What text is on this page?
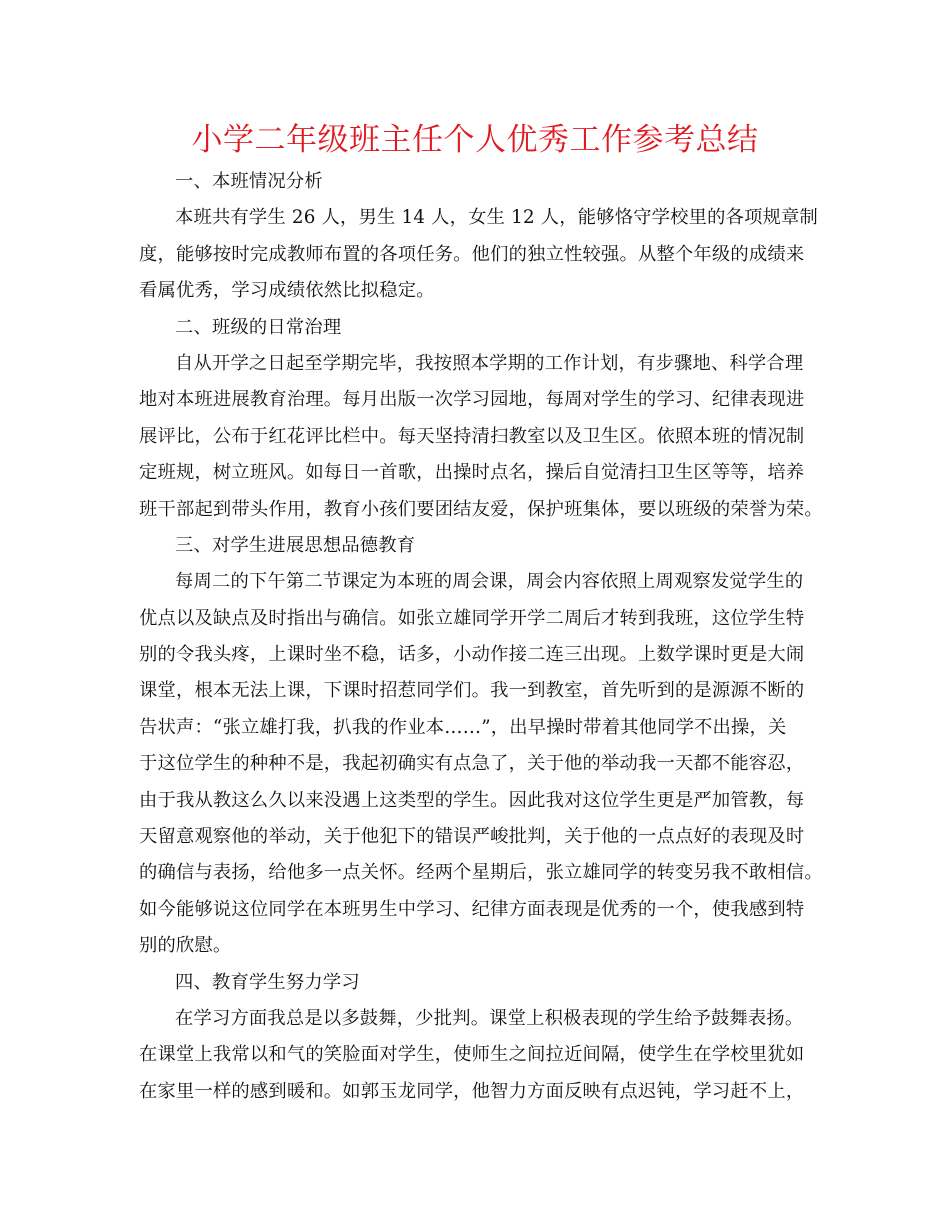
小学二年级班主任个人优秀工作参考总结
一、本班情况分析
本班共有学生 26 人，男生 14 人，女生 12 人，能够恪守学校里的各项规章制
度，能够按时完成教师布置的各项任务。他们的独立性较强。从整个年级的成绩来
看属优秀，学习成绩依然比拟稳定。
二、班级的日常治理
自从开学之日起至学期完毕，我按照本学期的工作计划，有步骤地、科学合理
地对本班进展教育治理。每月出版一次学习园地，每周对学生的学习、纪律表现进
展评比，公布于红花评比栏中。每天坚持清扫教室以及卫生区。依照本班的情况制
定班规，树立班风。如每日一首歌，出操时点名，操后自觉清扫卫生区等等，培养
班干部起到带头作用，教育小孩们要团结友爱，保护班集体，要以班级的荣誉为荣。
三、对学生进展思想品德教育
每周二的下午第二节课定为本班的周会课，周会内容依照上周观察发觉学生的
优点以及缺点及时指出与确信。如张立雄同学开学二周后才转到我班，这位学生特
别的令我头疼，上课时坐不稳，话多，小动作接二连三出现。上数学课时更是大闹
课堂，根本无法上课，下课时招惹同学们。我一到教室，首先听到的是源源不断的
告状声：“张立雄打我，扒我的作业本……”，出早操时带着其他同学不出操，关
于这位学生的种种不是，我起初确实有点急了，关于他的举动我一天都不能容忍，
由于我从教这么久以来没遇上这类型的学生。因此我对这位学生更是严加管教，每
天留意观察他的举动，关于他犯下的错误严峻批判，关于他的一点点好的表现及时
的确信与表扬，给他多一点关怀。经两个星期后，张立雄同学的转变另我不敢相信。
如今能够说这位同学在本班男生中学习、纪律方面表现是优秀的一个，使我感到特
别的欣慰。
四、教育学生努力学习
在学习方面我总是以多鼓舞，少批判。课堂上积极表现的学生给予鼓舞表扬。
在课堂上我常以和气的笑脸面对学生，使师生之间拉近间隔，使学生在学校里犹如
在家里一样的感到暖和。如郭玉龙同学，他智力方面反映有点迟钝，学习赶不上，
